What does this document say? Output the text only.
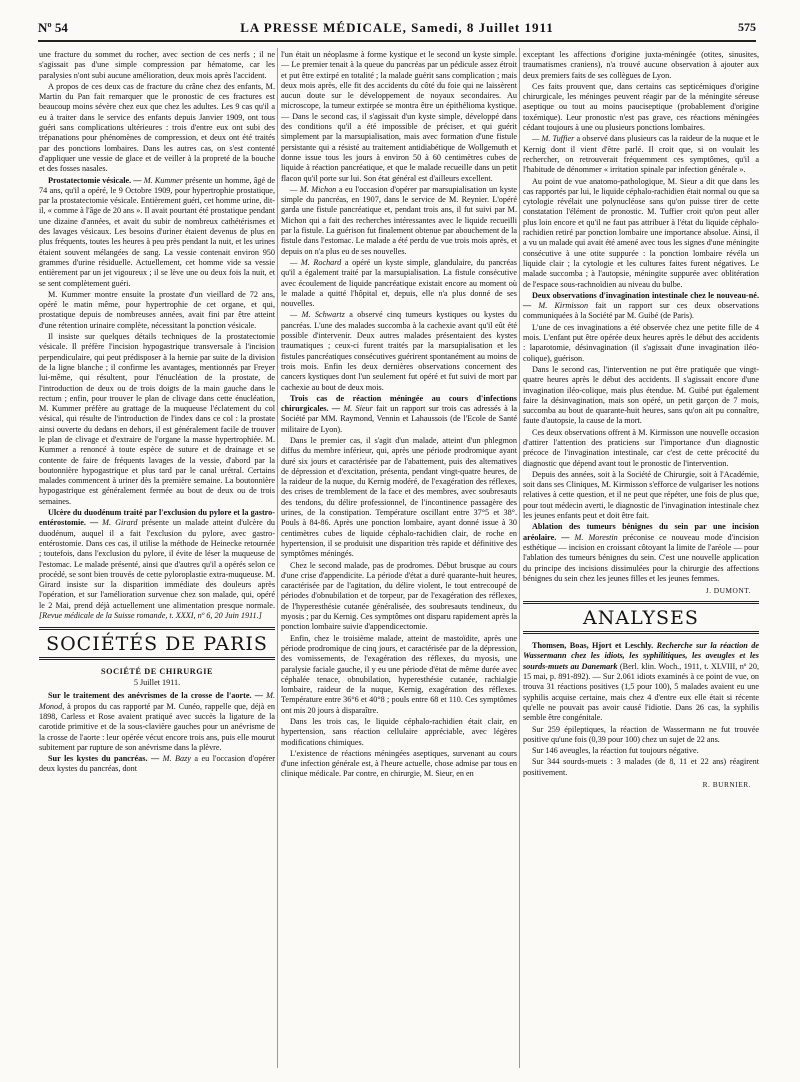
Nº 54	LA PRESSE MÉDICALE, Samedi, 8 Juillet 1911	575

une fracture du sommet du rocher, avec section de ces nerfs ; il ne s'agissait pas d'une simple compression par hématome, car les paralysies n'ont subi aucune amélioration, deux mois après l'accident.

A propos de ces deux cas de fracture du crâne chez des enfants, M. Martin du Pan fait remarquer que le pronostic de ces fractures est beaucoup moins sévère chez eux que chez les adultes. Les 9 cas qu'il a eu à traiter dans le service des enfants depuis Janvier 1909, ont tous guéri sans complications ultérieures : trois d'entre eux ont subi des trépanations pour phénomènes de compression, et deux ont été traités par des ponctions lombaires. Dans les autres cas, on s'est contenté d'appliquer une vessie de glace et de veiller à la propreté de la bouche et des fosses nasales.

Prostatectomie vésicale. — M. Kummer présente un homme, âgé de 74 ans, qu'il a opéré, le 9 Octobre 1909, pour hypertrophie prostatique, par la prostatectomie vésicale. Entièrement guéri, cet homme urine, dit-il, « comme à l'âge de 20 ans ». Il avait pourtant été prostatique pendant une dizaine d'années, et avait du subir de nombreux cathétérismes et des lavages vésicaux. Les besoins d'uriner étaient devenus de plus en plus fréquents, toutes les heures à peu près pendant la nuit, et les urines étaient souvent mélangées de sang. La vessie contenait environ 950 grammes d'urine résiduelle. Actuellement, cet homme vide sa vessie entièrement par un jet vigoureux ; il se lève une ou deux fois la nuit, et se sent complètement guéri.

M. Kummer montre ensuite la prostate d'un vieillard de 72 ans, opéré le matin même, pour hypertrophie de cet organe, et qui, prostatique depuis de nombreuses années, avait fini par être atteint d'une rétention urinaire complète, nécessitant la ponction vésicale.

Il insiste sur quelques détails techniques de la prostatectomie vésicale. Il préfère l'incision hypogastrique transversale à l'incision perpendiculaire, qui peut prédisposer à la hernie par suite de la division de la ligne blanche ; il confirme les avantages, mentionnés par Freyer lui-même, qui résultent, pour l'énucléation de la prostate, de l'introduction de deux ou de trois doigts de la main gauche dans le rectum ; enfin, pour trouver le plan de clivage dans cette énucléation, M. Kummer préfère au grattage de la muqueuse l'éclatement du col vésical, qui résulte de l'introduction de l'index dans ce col : la prostate ainsi ouverte du dedans en dehors, il est généralement facile de trouver le plan de clivage et d'extraire de l'organe la masse hypertrophiée. M. Kummer a renoncé à toute espèce de suture et de drainage et se contente de faire de fréquents lavages de la vessie, d'abord par la boutonnière hypogastrique et plus tard par le canal urétral. Certains malades commencent à uriner dès la première semaine. La boutonnière hypogastrique est généralement fermée au bout de deux ou de trois semaines.

Ulcère du duodénum traité par l'exclusion du pylore et la gastro-entérostomie. — M. Girard présente un malade atteint d'ulcère du duodénum, auquel il a fait l'exclusion du pylore, avec gastro-entérostomie. Dans ces cas, il utilise la méthode de Heinecke retournée ; toutefois, dans l'exclusion du pylore, il évite de léser la muqueuse de l'estomac. Le malade présenté, ainsi que d'autres qu'il a opérés selon ce procédé, se sont bien trouvés de cette pyloroplastie extra-muqueuse. M. Girard insiste sur la disparition immédiate des douleurs après l'opération, et sur l'amélioration survenue chez son malade, qui, opéré le 2 Mai, prend déjà actuellement une alimentation presque normale. [Revue médicale de la Suisse romande, t. XXXI, nº 6, 20 Juin 1911.]

SOCIÉTÉS DE PARIS
SOCIÉTÉ DE CHIRURGIE
5 Juillet 1911.

Sur le traitement des anévrismes de la crosse de l'aorte. — M. Monod, à propos du cas rapporté par M. Cunéo, rappelle que, déjà en 1898, Carless et Rose avaient pratiqué avec succès la ligature de la carotide primitive et de la sous-clavière gauches pour un anévrisme de la crosse de l'aorte : leur opérée vécut encore trois ans, puis elle mourut subitement par rupture de son anévrisme dans la plèvre.

Sur les kystes du pancréas. — M. Bazy a eu l'occasion d'opérer deux kystes du pancréas, dont

l'un était un néoplasme à forme kystique et le second un kyste simple. — Le premier tenait à la queue du pancréas par un pédicule assez étroit et put être extirpé en totalité ; la malade guérit sans complication ; mais deux mois après, elle fit des accidents du côté du foie qui ne laissèrent aucun doute sur le développement de noyaux secondaires. Au microscope, la tumeur extirpée se montra être un épithélioma kystique. — Dans le second cas, il s'agissait d'un kyste simple, développé dans des conditions qu'il a été impossible de préciser, et qui guérit simplement par la marsupialisation, mais avec formation d'une fistule persistante qui a résisté au traitement antidiabétique de Wollgemuth et donne issue tous les jours à environ 50 à 60 centimètres cubes de liquide à réaction pancréatique, et que le malade recueille dans un petit flacon qu'il porte sur lui. Son état général est d'ailleurs excellent.

— M. Michon a eu l'occasion d'opérer par marsupialisation un kyste simple du pancréas, en 1907, dans le service de M. Reynier. L'opéré garda une fistule pancréatique et, pendant trois ans, il fut suivi par M. Michon qui a fait des recherches intéressantes avec le liquide recueilli par la fistule. La guérison fut finalement obtenue par abouchement de la fistule dans l'estomac. Le malade a été perdu de vue trois mois après, et depuis on n'a plus eu de ses nouvelles.

— M. Rochard a opéré un kyste simple, glandulaire, du pancréas qu'il a également traité par la marsupialisation. La fistule consécutive avec écoulement de liquide pancréatique existait encore au moment où le malade a quitté l'hôpital et, depuis, elle n'a plus donné de ses nouvelles.

— M. Schwartz a observé cinq tumeurs kystiques ou kystes du pancréas. L'une des malades succomba à la cachexie avant qu'il eût été possible d'intervenir. Deux autres malades présentaient des kystes traumatiques ; ceux-ci furent traités par la marsupialisation et les fistules pancréatiques consécutives guérirent spontanément au moins de trois mois. Enfin les deux dernières observations concernent des cancers kystiques dont l'un seulement fut opéré et fut suivi de mort par cachexie au bout de deux mois.

Trois cas de réaction méningée au cours d'infections chirurgicales. — M. Sieur fait un rapport sur trois cas adressés à la Société par MM. Raymond, Vennin et Lahaussois (de l'Ecole de Santé militaire de Lyon).

Dans le premier cas, il s'agit d'un malade, atteint d'un phlegmon diffus du membre inférieur, qui, après une période prodromique ayant duré six jours et caractérisée par de l'abattement, puis des alternatives de dépression et d'excitation, présenta, pendant vingt-quatre heures, de la raideur de la nuque, du Kernig modéré, de l'exagération des réflexes, des crises de tremblement de la face et des membres, avec soubresauts des tendons, du délire professionnel, de l'incontinence passagère des urines, de la constipation. Température oscillant entre 37°5 et 38°. Pouls à 84-86. Après une ponction lombaire, ayant donné issue à 30 centimètres cubes de liquide céphalo-rachidien clair, de roche en hypertension, il se produisit une disparition très rapide et définitive des symptômes méningés.

Chez le second malade, pas de prodromes. Début brusque au cours d'une crise d'appendicite. La période d'état a duré quarante-huit heures, caractérisée par de l'agitation, du délire violent, le tout entrecoupé de périodes d'obnubilation et de torpeur, par de l'exagération des réflexes, de l'hyperesthésie cutanée généralisée, des soubresauts tendineux, du myosis ; par du Kernig. Ces symptômes ont disparu rapidement après la ponction lombaire suivie d'appendicectomie.

Enfin, chez le troisième malade, atteint de mastoïdite, après une période prodromique de cinq jours, et caractérisée par de la dépression, des vomissements, de l'exagération des réflexes, du myosis, une paralysie faciale gauche, il y eu une période d'état de même durée avec céphalée tenace, obnubilation, hyperesthésie cutanée, rachialgie lombaire, raideur de la nuque, Kernig, exagération des réflexes. Température entre 36°6 et 40°8 ; pouls entre 68 et 110. Ces symptômes ont mis 20 jours à disparaître.

Dans les trois cas, le liquide céphalo-rachidien était clair, en hypertension, sans réaction cellulaire appréciable, avec légères modifications chimiques.

L'existence de réactions méningées aseptiques, survenant au cours d'une infection générale est, à l'heure actuelle, chose admise par tous en clinique médicale. Par contre, en chirurgie, M. Sieur, en en

exceptant les affections d'origine juxta-méningée (otites, sinusites, traumatismes craniens), n'a trouvé aucune observation à ajouter aux deux premiers faits de ses collègues de Lyon.

Ces faits prouvent que, dans certains cas septicémiques d'origine chirurgicale, les méninges peuvent réagir par de la méningite séreuse aseptique ou tout au moins pauciseptique (probablement d'origine toxémique). Leur pronostic n'est pas grave, ces réactions méningées cédant toujours à une ou plusieurs ponctions lombaires.

— M. Tuffier a observé dans plusieurs cas la raideur de la nuque et le Kernig dont il vient d'être parlé. Il croit que, si on voulait les rechercher, on retrouverait fréquemment ces symptômes, qu'il a l'habitude de dénommer « irritation spinale par infection générale ».

Au point de vue anatomo-pathologique, M. Sieur a dit que dans les cas rapportés par lui, le liquide céphalo-rachidien était normal ou que sa cytologie révélait une polynucléose sans qu'on puisse tirer de cette constatation l'élément de pronostic. M. Tuffier croit qu'on peut aller plus loin encore et qu'il ne faut pas attribuer à l'état du liquide céphalo-rachidien retiré par ponction lombaire une importance absolue. Ainsi, il a vu un malade qui avait été amené avec tous les signes d'une méningite consécutive à une otite suppurée : la ponction lombaire révéla un liquide clair ; la cytologie et les cultures faites furent négatives. Le malade succomba ; à l'autopsie, méningite suppurée avec oblitération de l'espace sous-rachnoïdien au niveau du bulbe.

Deux observations d'invagination intestinale chez le nouveau-né. — M. Kirmisson fait un rapport sur ces deux observations communiquées à la Société par M. Guibé (de Paris).

L'une de ces invaginations a été observée chez une petite fille de 4 mois. L'enfant put être opérée deux heures après le début des accidents : laparotomie, désinvagination (il s'agissait d'une invagination iléo-colique), guérison.

Dans le second cas, l'intervention ne put être pratiquée que vingt-quatre heures après le début des accidents. Il s'agissait encore d'une invagination iléo-colique, mais plus étendue. M. Guibé put également faire la désinvagination, mais son opéré, un petit garçon de 7 mois, succomba au bout de quarante-huit heures, sans qu'on ait pu connaître, faute d'autopsie, la cause de la mort.

Ces deux observations offrent à M. Kirmisson une nouvelle occasion d'attirer l'attention des praticiens sur l'importance d'un diagnostic précoce de l'invagination intestinale, car c'est de cette précocité du diagnostic que dépend avant tout le pronostic de l'intervention.

Depuis des années, soit à la Société de Chirurgie, soit à l'Académie, soit dans ses Cliniques, M. Kirmisson s'efforce de vulgariser les notions relatives à cette question, et il ne peut que répéter, une fois de plus que, pour tout médecin averti, le diagnostic de l'invagination intestinale chez les jeunes enfants peut et doit être fait.

Ablation des tumeurs bénignes du sein par une incision aréolaire. — M. Morestin préconise ce nouveau mode d'incision esthétique — incision en croissant côtoyant la limite de l'aréole — pour l'ablation des tumeurs bénignes du sein. C'est une nouvelle application du principe des incisions dissimulées pour la chirurgie des affections bénignes du sein chez les jeunes filles et les jeunes femmes.

J. DUMONT.
ANALYSES

Thomsen, Boas, Hjort et Leschly. Recherche sur la réaction de Wassermann chez les idiots, les syphilitiques, les aveugles et les sourds-muets au Danemark (Berl. klin. Woch., 1911, t. XLVIII, nº 20, 15 mai, p. 891-892). — Sur 2.061 idiots examinés à ce point de vue, on trouva 31 réactions positives (1,5 pour 100), 5 malades avaient eu une syphilis acquise certaine, mais chez 4 d'entre eux elle était si récente qu'elle ne pouvait pas avoir causé l'idiotie. Dans 26 cas, la syphilis semble être congénitale.

Sur 259 épileptiques, la réaction de Wassermann ne fut trouvée positive qu'une fois (0,39 pour 100) chez un sujet de 22 ans.

Sur 146 aveugles, la réaction fut toujours négative.

Sur 344 sourds-muets : 3 malades (de 8, 11 et 22 ans) réagirent positivement.

R. BURNIER.
